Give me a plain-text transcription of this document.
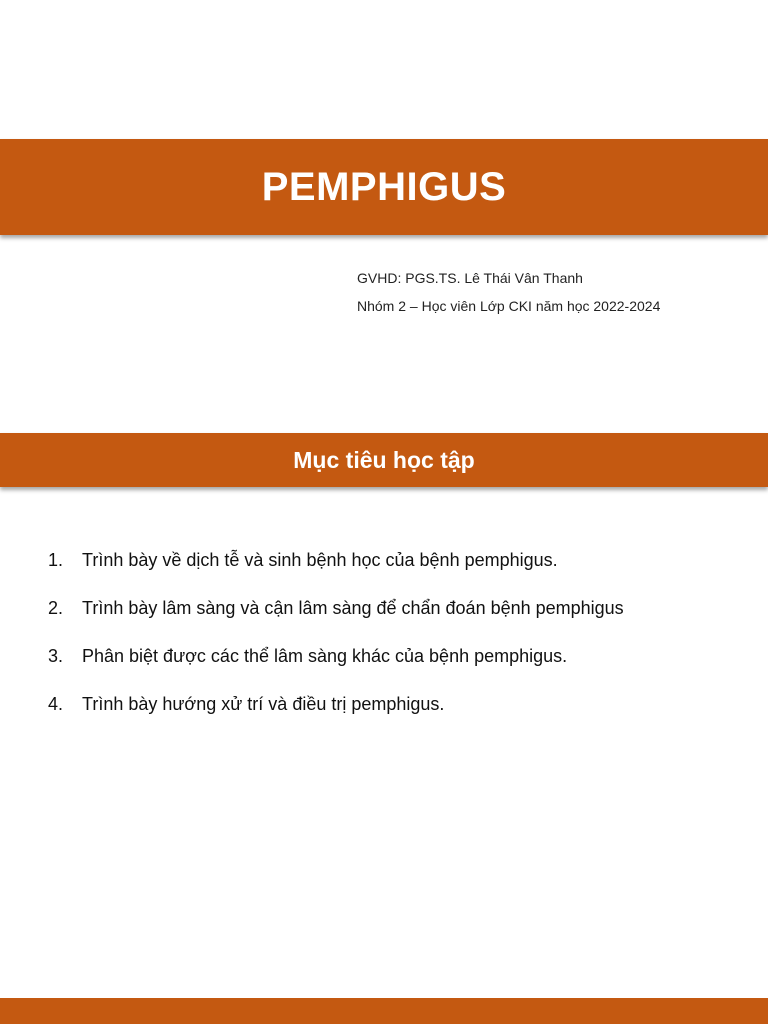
PEMPHIGUS

GVHD: PGS.TS. Lê Thái Vân Thanh

Nhóm 2 – Học viên Lớp CKI năm học 2022-2024

Mục tiêu học tập
1.	Trình bày về dịch tễ và sinh bệnh học của bệnh pemphigus.
2.	Trình bày lâm sàng và cận lâm sàng để chẩn đoán bệnh pemphigus
3.	Phân biệt được các thể lâm sàng khác của bệnh pemphigus.
4.	Trình bày hướng xử trí và điều trị pemphigus.
